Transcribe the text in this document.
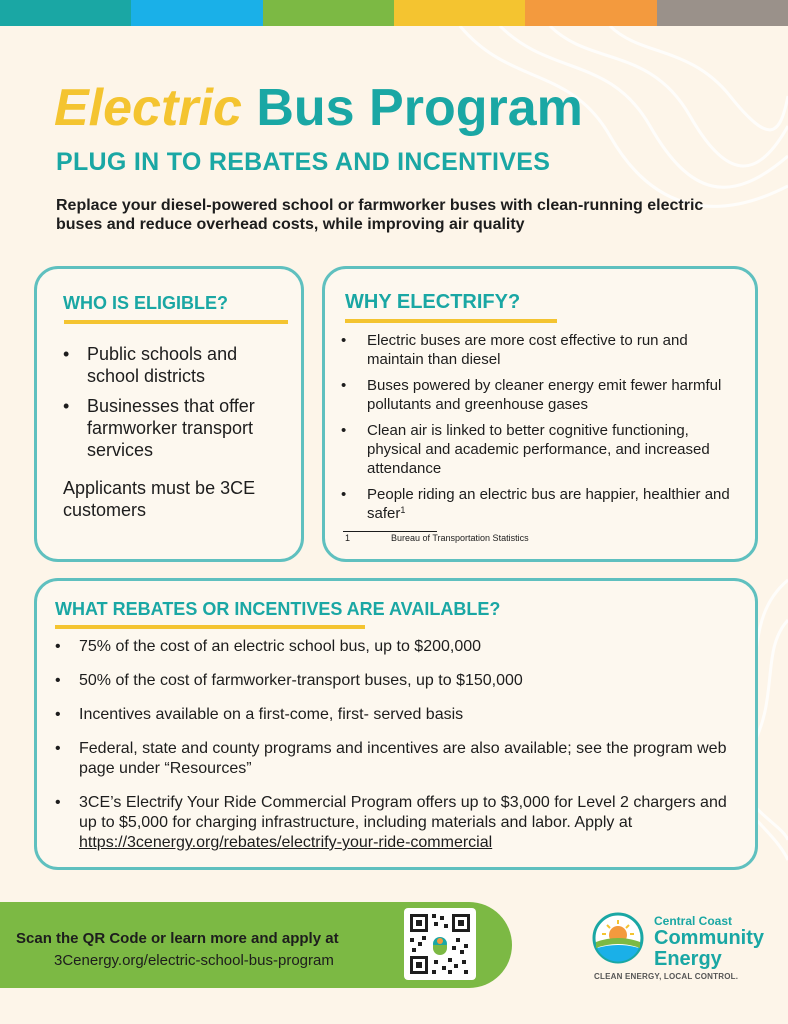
Electric Bus Program
PLUG IN TO REBATES AND INCENTIVES

Replace your diesel-powered school or farmworker buses with clean-running electric buses and reduce overhead costs, while improving air quality

WHO IS ELIGIBLE?
• Public schools and school districts
• Businesses that offer farmworker transport services

Applicants must be 3CE customers

WHY ELECTRIFY?
• Electric buses are more cost effective to run and maintain than diesel
• Buses powered by cleaner energy emit fewer harmful pollutants and greenhouse gases
• Clean air is linked to better cognitive functioning, physical and academic performance, and increased attendance
• People riding an electric bus are happier, healthier and safer$^1$
1	Bureau of Transportation Statistics
WHAT REBATES OR INCENTIVES ARE AVAILABLE?
• 75% of the cost of an electric school bus, up to $200,000
• 50% of the cost of farmworker-transport buses, up to $150,000
• Incentives available on a first-come, first- served basis
• Federal, state and county programs and incentives are also available; see the program web page under “Resources”
• 3CE’s Electrify Your Ride Commercial Program offers up to $3,000 for Level 2 chargers and up to $5,000 for charging infrastructure, including materials and labor. Apply at https://3cenergy.org/rebates/electrify-your-ride-commercial
Scan the QR Code or learn more and apply at
3Cenergy.org/electric-school-bus-program
Central Coast
Community
Energy
CLEAN ENERGY, LOCAL CONTROL.
